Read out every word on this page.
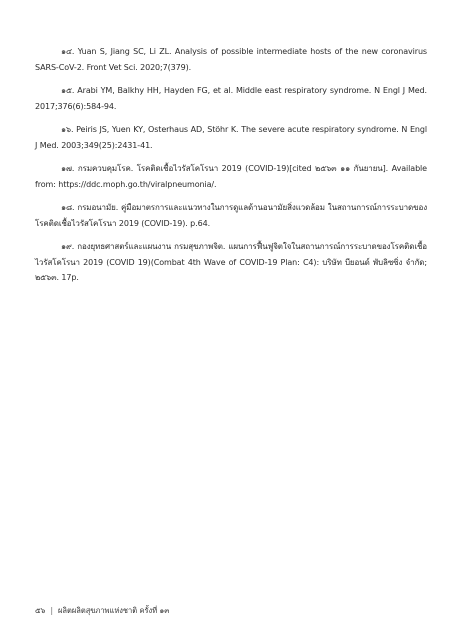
๑๔. Yuan S, Jiang SC, Li ZL. Analysis of possible intermediate hosts of the new coronavirus SARS-CoV-2. Front Vet Sci. 2020;7(379).

๑๕. Arabi YM, Balkhy HH, Hayden FG, et al. Middle east respiratory syndrome. N Engl J Med. 2017;376(6):584-94.

๑๖. Peiris JS, Yuen KY, Osterhaus AD, Stöhr K. The severe acute respiratory syndrome. N Engl J Med. 2003;349(25):2431-41.

๑๗. กรมควบคุมโรค. โรคติดเชื้อไวรัสโคโรนา 2019 (COVID-19)[cited ๒๕๖๓ ๑๑ กันยายน]. Available from: https://ddc.moph.go.th/viralpneumonia/.

๑๘. กรมอนามัย. คู่มือมาตรการและแนวทางในการดูแลด้านอนามัยสิ่งแวดล้อม ในสถานการณ์การระบาดของโรคติดเชื้อไวรัสโคโรนา 2019 (COVID-19). p.64.

๑๙. กองยุทธศาสตร์และแผนงาน กรมสุขภาพจิต. แผนการฟื้นฟูจิตใจในสถานการณ์การระบาดของโรคติดเชื้อไวรัสโคโรนา 2019 (COVID 19)(Combat 4th Wave of COVID-19 Plan: C4): บริษัท บียอนด์ พับลิซซิ่ง จำกัด; ๒๕๖๓. 17p.

๕๖ | ผลิตผลิตสุขภาพแห่งชาติ ครั้งที่ ๑๓
